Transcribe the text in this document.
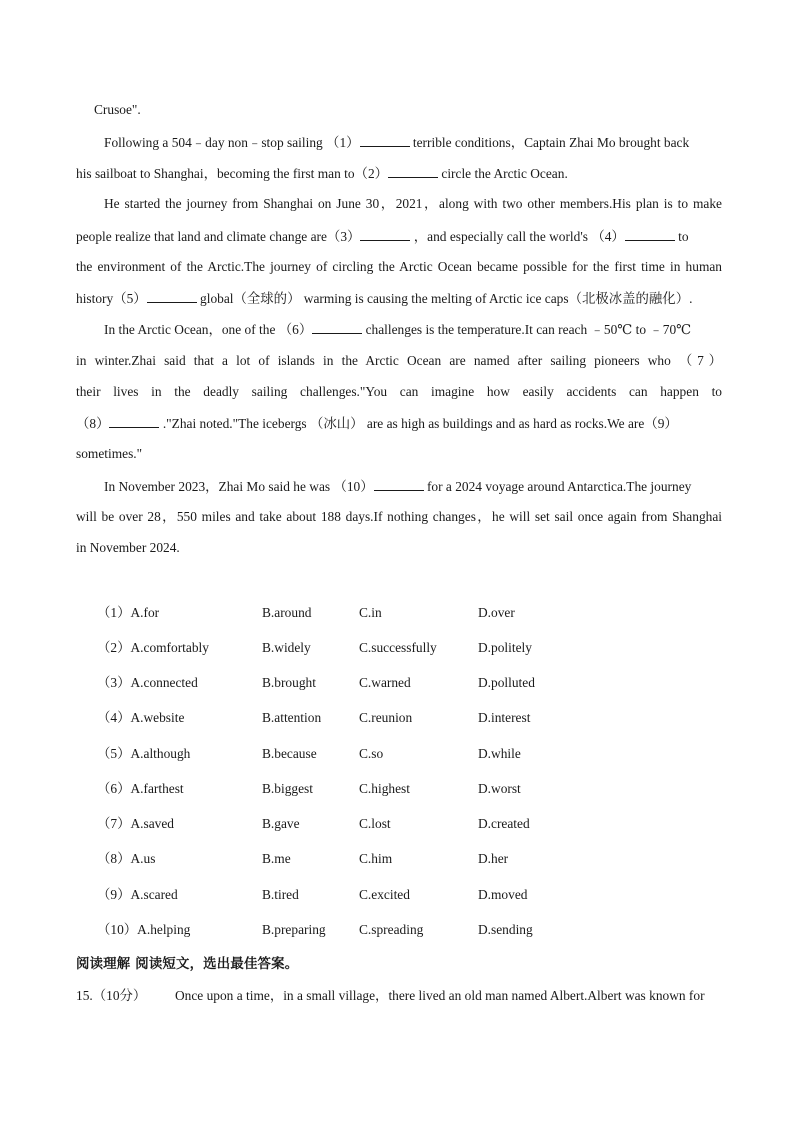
Crusoe".
Following a 504﹣day non﹣stop sailing （1）	terrible conditions，Captain Zhai Mo brought back
his sailboat to Shanghai，becoming the first man to（2）	circle the Arctic Ocean.
He started the journey from Shanghai on June 30，2021，along with two other members.His plan is to make
people realize that land and climate change are（3）	，and especially call the world's （4）	to
the environment of the Arctic.The journey of circling the Arctic Ocean became possible for the first time in human
history（5）	global（全球的） warming is causing the melting of Arctic ice caps（北极冰盖的融化）.
In the Arctic Ocean，one of the （6）	challenges is the temperature.It can reach ﹣50℃ to ﹣70℃
in winter.Zhai said that a lot of islands in the Arctic Ocean are named after sailing pioneers who （7）
their lives in the deadly sailing challenges."You can imagine how easily accidents can happen to
（8）	."Zhai noted."The icebergs （冰山） are as high as buildings and as hard as rocks.We are（9）
sometimes."
In November 2023，Zhai Mo said he was （10）	for a 2024 voyage around Antarctica.The journey
will be over 28，550 miles and take about 188 days.If nothing changes，he will set sail once again from Shanghai
in November 2024.
（1）A.for	B.around	C.in	D.over
（2）A.comfortably	B.widely	C.successfully	D.politely
（3）A.connected	B.brought	C.warned	D.polluted
（4）A.website	B.attention	C.reunion	D.interest
（5）A.although	B.because	C.so	D.while
（6）A.farthest	B.biggest	C.highest	D.worst
（7）A.saved	B.gave	C.lost	D.created
（8）A.us	B.me	C.him	D.her
（9）A.scared	B.tired	C.excited	D.moved
（10）A.helping	B.preparing C.spreading	D.sending
阅读理解 阅读短文，选出最佳答案。
15.（10分） Once upon a time，in a small village，there lived an old man named Albert.Albert was known for
